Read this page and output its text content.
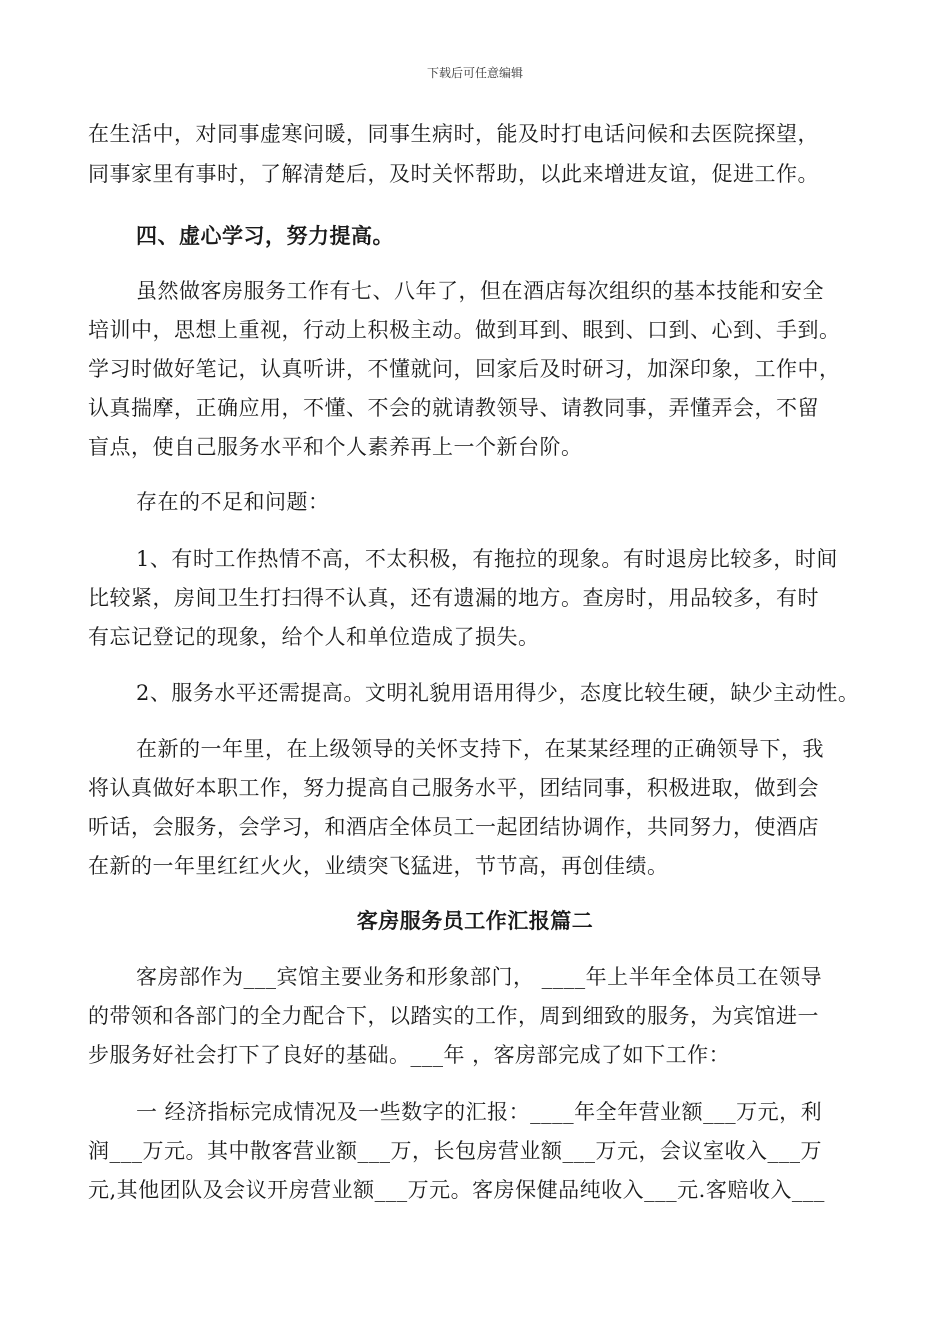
下载后可任意编辑
在生活中，对同事虚寒问暖，同事生病时，能及时打电话问候和去医院探望，
同事家里有事时，了解清楚后，及时关怀帮助，以此来增进友谊，促进工作。
四、虚心学习，努力提高。
虽然做客房服务工作有七、八年了，但在酒店每次组织的基本技能和安全
培训中，思想上重视，行动上积极主动。做到耳到、眼到、口到、心到、手到。
学习时做好笔记，认真听讲，不懂就问，回家后及时研习，加深印象，工作中，
认真揣摩，正确应用，不懂、不会的就请教领导、请教同事，弄懂弄会，不留
盲点，使自己服务水平和个人素养再上一个新台阶。
存在的不足和问题：
1、有时工作热情不高，不太积极，有拖拉的现象。有时退房比较多，时间
比较紧，房间卫生打扫得不认真，还有遗漏的地方。查房时，用品较多，有时
有忘记登记的现象，给个人和单位造成了损失。
2、服务水平还需提高。文明礼貌用语用得少，态度比较生硬，缺少主动性。
在新的一年里，在上级领导的关怀支持下，在某某经理的正确领导下，我
将认真做好本职工作，努力提高自己服务水平，团结同事，积极进取，做到会
听话，会服务，会学习，和酒店全体员工一起团结协调作，共同努力，使酒店
在新的一年里红红火火，业绩突飞猛进，节节高，再创佳绩。
客房服务员工作汇报篇二
客房部作为___宾馆主要业务和形象部门， ____年上半年全体员工在领导
的带领和各部门的全力配合下，以踏实的工作，周到细致的服务，为宾馆进一
步服务好社会打下了良好的基础。___年 ，客房部完成了如下工作：
一 经济指标完成情况及一些数字的汇报：____年全年营业额___万元，利
润___万元。其中散客营业额___万，长包房营业额___万元，会议室收入___万
元,其他团队及会议开房营业额___万元。客房保健品纯收入___元.客赔收入___
